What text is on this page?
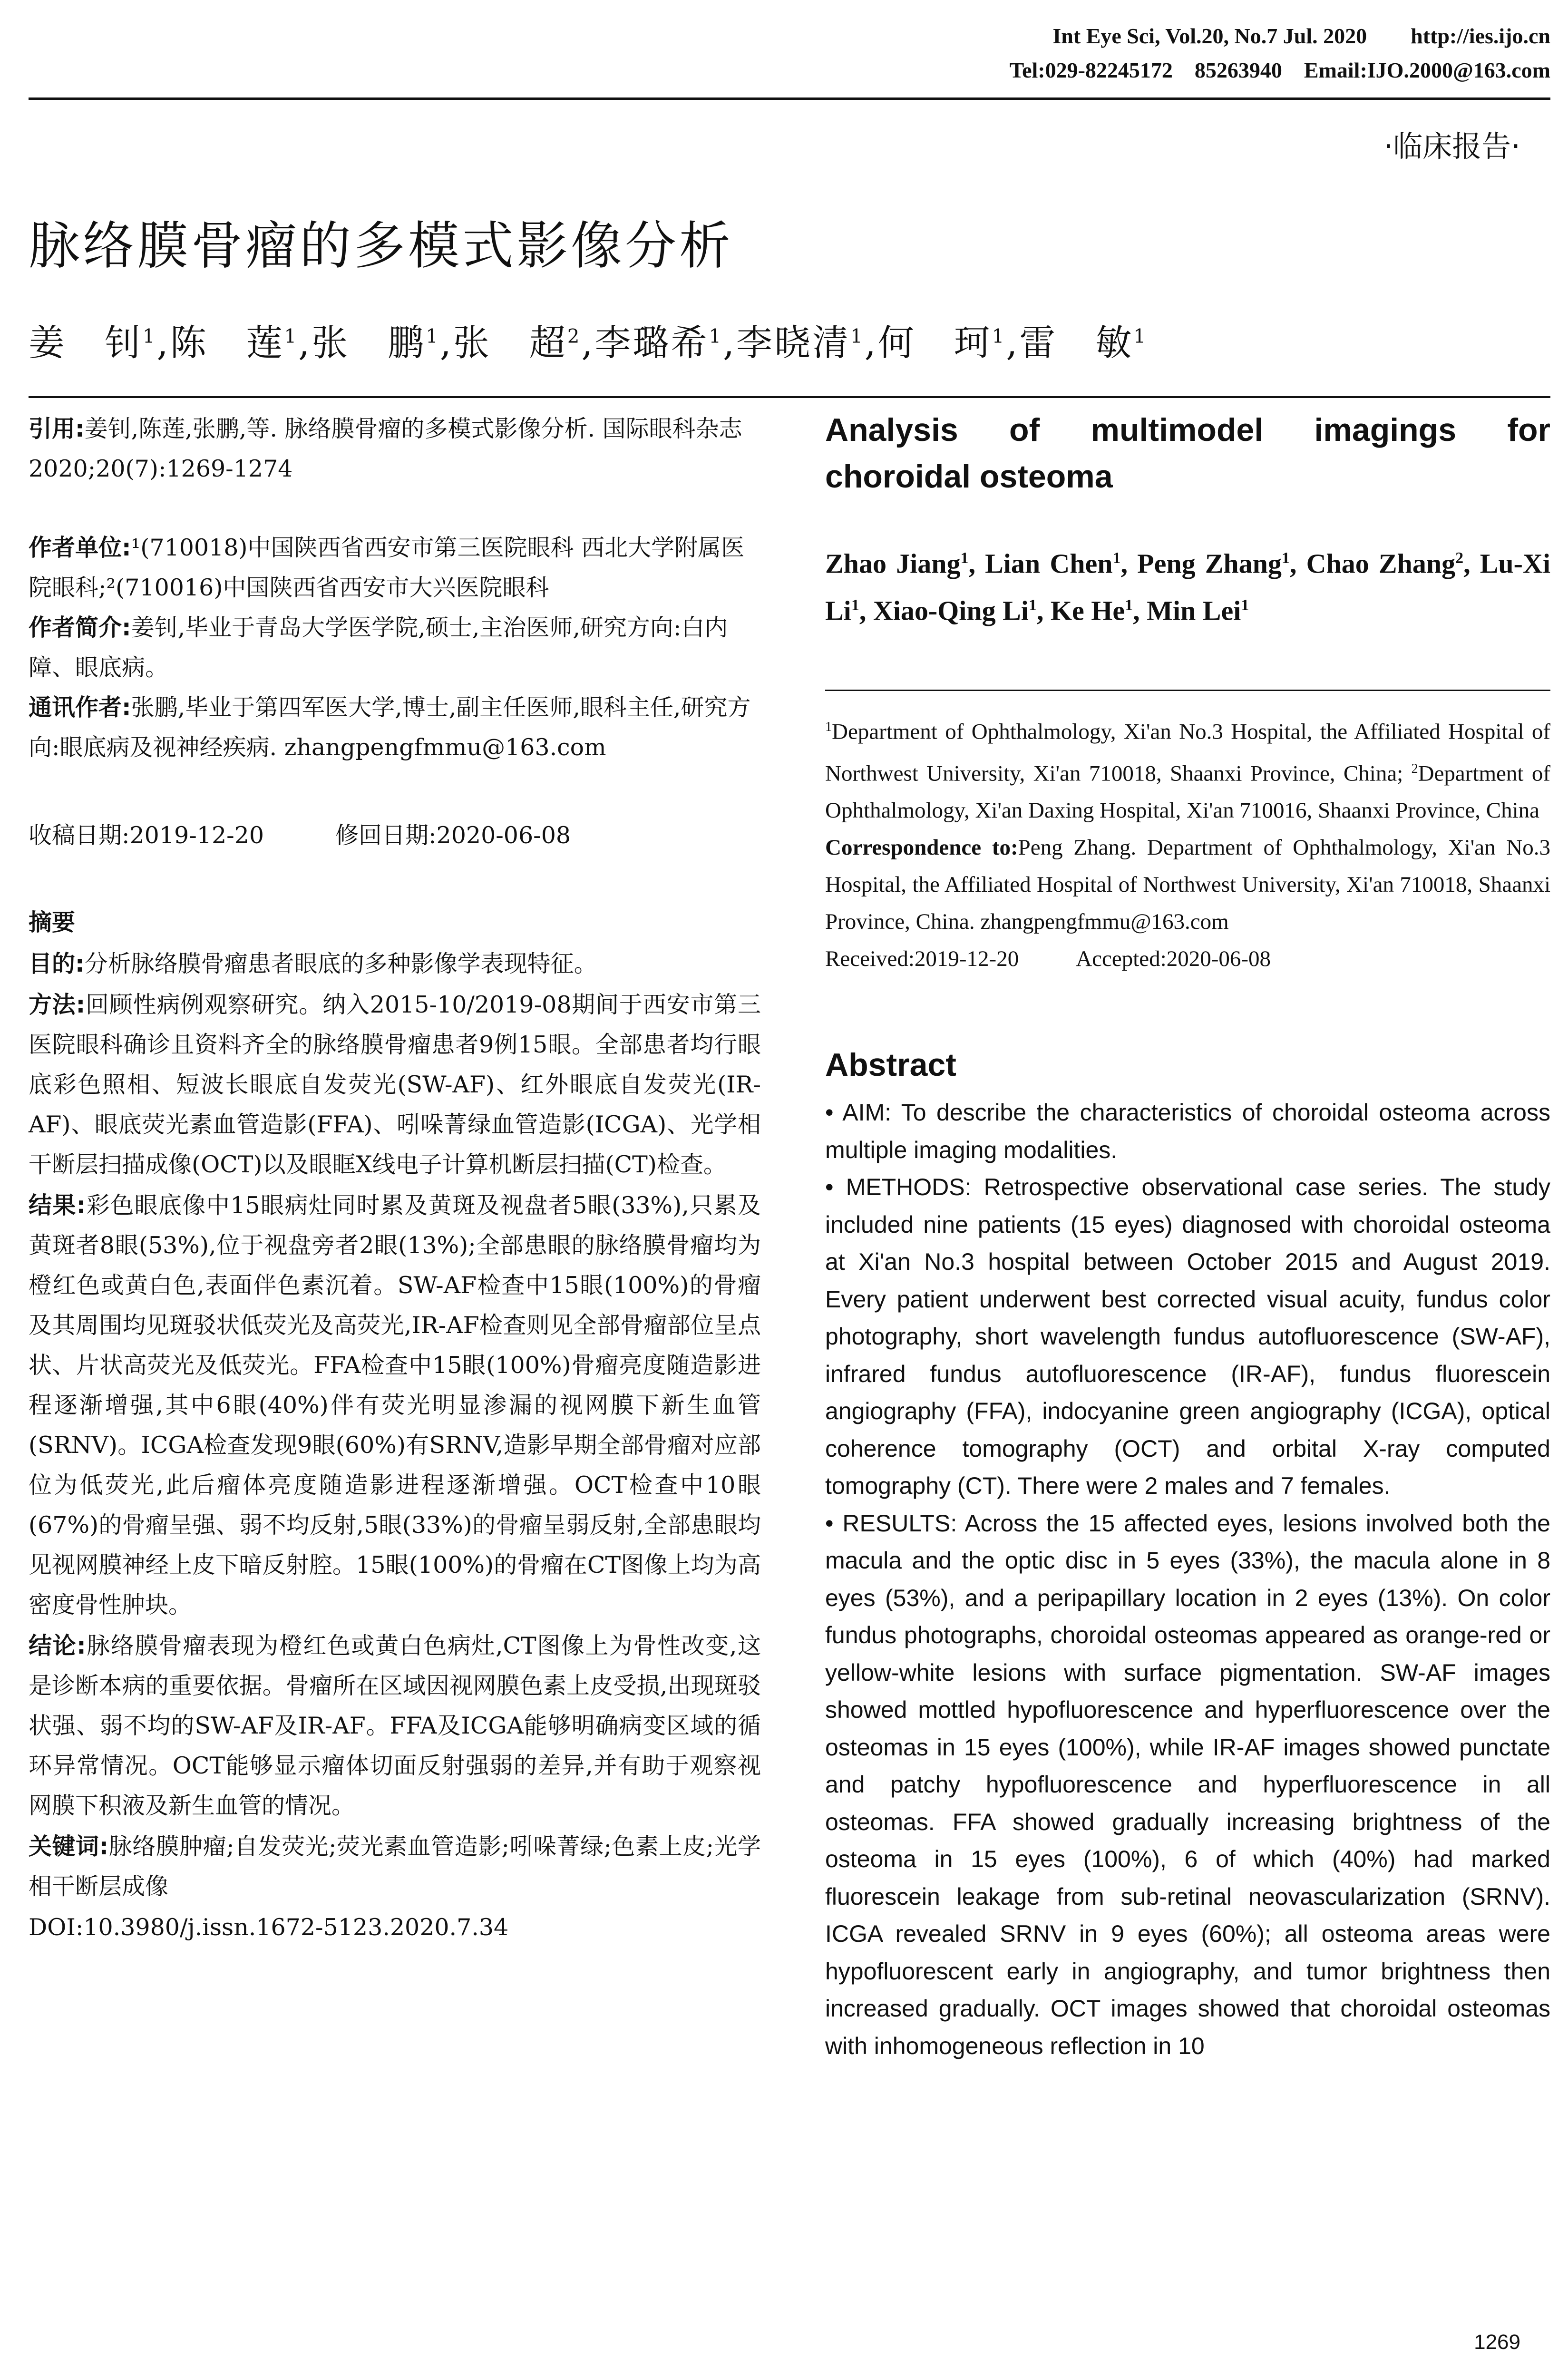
Int Eye Sci, Vol.20, No.7 Jul. 2020        http://ies.ijo.cn
Tel:029-82245172    85263940    Email:IJO.2000@163.com
·临床报告·
脉络膜骨瘤的多模式影像分析
姜　钊$^1$,陈　莲$^1$,张　鹏$^1$,张　超$^2$,李璐希$^1$,李晓清$^1$,何　珂$^1$,雷　敏$^1$
引用:姜钊,陈莲,张鹏,等. 脉络膜骨瘤的多模式影像分析. 国际眼科杂志 2020;20(7):1269-1274

作者单位:¹(710018)中国陕西省西安市第三医院眼科 西北大学附属医院眼科;²(710016)中国陕西省西安市大兴医院眼科

作者简介:姜钊,毕业于青岛大学医学院,硕士,主治医师,研究方向:白内障、眼底病。

通讯作者:张鹏,毕业于第四军医大学,博士,副主任医师,眼科主任,研究方向:眼底病及视神经疾病. zhangpengfmmu@163.com

收稿日期:2019-12-20	修回日期:2020-06-08
摘要

目的:分析脉络膜骨瘤患者眼底的多种影像学表现特征。

方法:回顾性病例观察研究。纳入2015-10/2019-08期间于西安市第三医院眼科确诊且资料齐全的脉络膜骨瘤患者9例15眼。全部患者均行眼底彩色照相、短波长眼底自发荧光(SW-AF)、红外眼底自发荧光(IR-AF)、眼底荧光素血管造影(FFA)、吲哚菁绿血管造影(ICGA)、光学相干断层扫描成像(OCT)以及眼眶X线电子计算机断层扫描(CT)检查。

结果:彩色眼底像中15眼病灶同时累及黄斑及视盘者5眼(33%),只累及黄斑者8眼(53%),位于视盘旁者2眼(13%);全部患眼的脉络膜骨瘤均为橙红色或黄白色,表面伴色素沉着。SW-AF检查中15眼(100%)的骨瘤及其周围均见斑驳状低荧光及高荧光,IR-AF检查则见全部骨瘤部位呈点状、片状高荧光及低荧光。FFA检查中15眼(100%)骨瘤亮度随造影进程逐渐增强,其中6眼(40%)伴有荧光明显渗漏的视网膜下新生血管(SRNV)。ICGA检查发现9眼(60%)有SRNV,造影早期全部骨瘤对应部位为低荧光,此后瘤体亮度随造影进程逐渐增强。OCT检查中10眼(67%)的骨瘤呈强、弱不均反射,5眼(33%)的骨瘤呈弱反射,全部患眼均见视网膜神经上皮下暗反射腔。15眼(100%)的骨瘤在CT图像上均为高密度骨性肿块。

结论:脉络膜骨瘤表现为橙红色或黄白色病灶,CT图像上为骨性改变,这是诊断本病的重要依据。骨瘤所在区域因视网膜色素上皮受损,出现斑驳状强、弱不均的SW-AF及IR-AF。FFA及ICGA能够明确病变区域的循环异常情况。OCT能够显示瘤体切面反射强弱的差异,并有助于观察视网膜下积液及新生血管的情况。

关键词:脉络膜肿瘤;自发荧光;荧光素血管造影;吲哚菁绿;色素上皮;光学相干断层成像

DOI:10.3980/j.issn.1672-5123.2020.7.34

Analysis of multimodel imagings for
choroidal osteoma
Zhao Jiang$^1$, Lian Chen$^1$, Peng Zhang$^1$, Chao Zhang$^2$, Lu-Xi Li$^1$, Xiao-Qing Li$^1$, Ke He$^1$, Min Lei$^1$
$^1$Department of Ophthalmology, Xi'an No.3 Hospital, the Affiliated Hospital of Northwest University, Xi'an 710018, Shaanxi Province, China; $^2$Department of Ophthalmology, Xi'an Daxing Hospital, Xi'an 710016, Shaanxi Province, China
Correspondence to:Peng Zhang. Department of Ophthalmology, Xi'an No.3 Hospital, the Affiliated Hospital of Northwest University, Xi'an 710018, Shaanxi Province, China. zhangpengfmmu@163.com
Received:2019-12-20	Accepted:2020-06-08
Abstract

• AIM: To describe the characteristics of choroidal osteoma across multiple imaging modalities.

• METHODS: Retrospective observational case series. The study included nine patients (15 eyes) diagnosed with choroidal osteoma at Xi'an No.3 hospital between October 2015 and August 2019. Every patient underwent best corrected visual acuity, fundus color photography, short wavelength fundus autofluorescence (SW-AF), infrared fundus autofluorescence (IR-AF), fundus fluorescein angiography (FFA), indocyanine green angiography (ICGA), optical coherence tomography (OCT) and orbital X-ray computed tomography (CT). There were 2 males and 7 females.

• RESULTS: Across the 15 affected eyes, lesions involved both the macula and the optic disc in 5 eyes (33%), the macula alone in 8 eyes (53%), and a peripapillary location in 2 eyes (13%). On color fundus photographs, choroidal osteomas appeared as orange-red or yellow-white lesions with surface pigmentation. SW-AF images showed mottled hypofluorescence and hyperfluorescence over the osteomas in 15 eyes (100%), while IR-AF images showed punctate and patchy hypofluorescence and hyperfluorescence in all osteomas. FFA showed gradually increasing brightness of the osteoma in 15 eyes (100%), 6 of which (40%) had marked fluorescein leakage from sub-retinal neovascularization (SRNV). ICGA revealed SRNV in 9 eyes (60%); all osteoma areas were hypofluorescent early in angiography, and tumor brightness then increased gradually. OCT images showed that choroidal osteomas with inhomogeneous reflection in 10

1269
